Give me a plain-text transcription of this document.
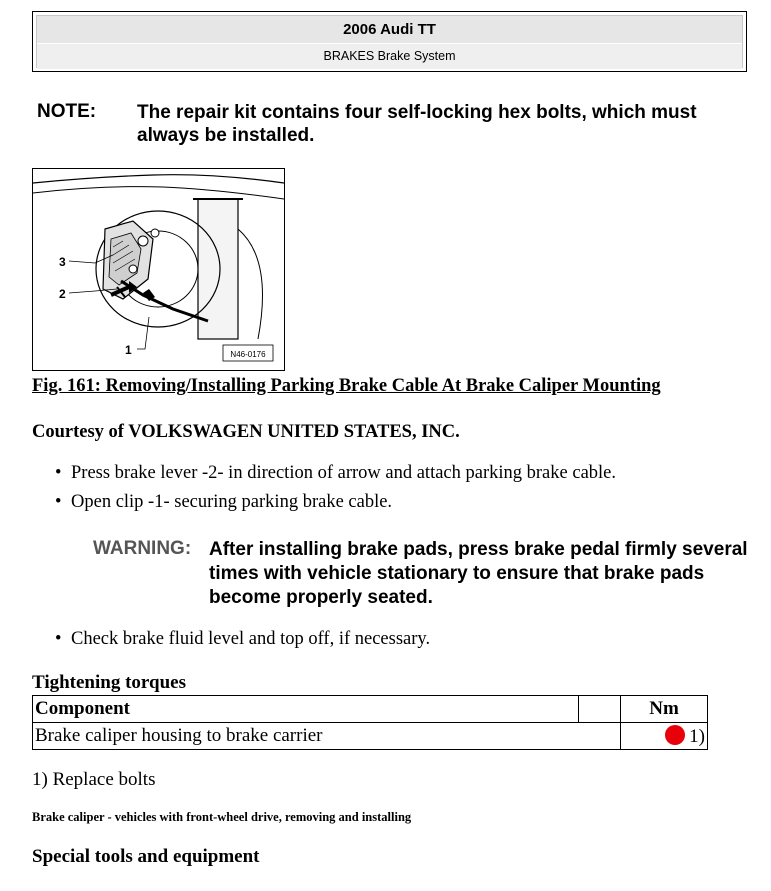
2006 Audi TT
BRAKES Brake System
NOTE: The repair kit contains four self-locking hex bolts, which must always be installed.
3
2
1	N46-0176
Fig. 161: Removing/Installing Parking Brake Cable At Brake Caliper Mounting
Courtesy of VOLKSWAGEN UNITED STATES, INC.
• Press brake lever -2- in direction of arrow and attach parking brake cable.
• Open clip -1- securing parking brake cable.
WARNING: After installing brake pads, press brake pedal firmly several times with vehicle stationary to ensure that brake pads become properly seated.
• Check brake fluid level and top off, if necessary.
Tightening torques
Component		Nm
Brake caliper housing to brake carrier		1)
1) Replace bolts
Brake caliper - vehicles with front-wheel drive, removing and installing
Special tools and equipment
